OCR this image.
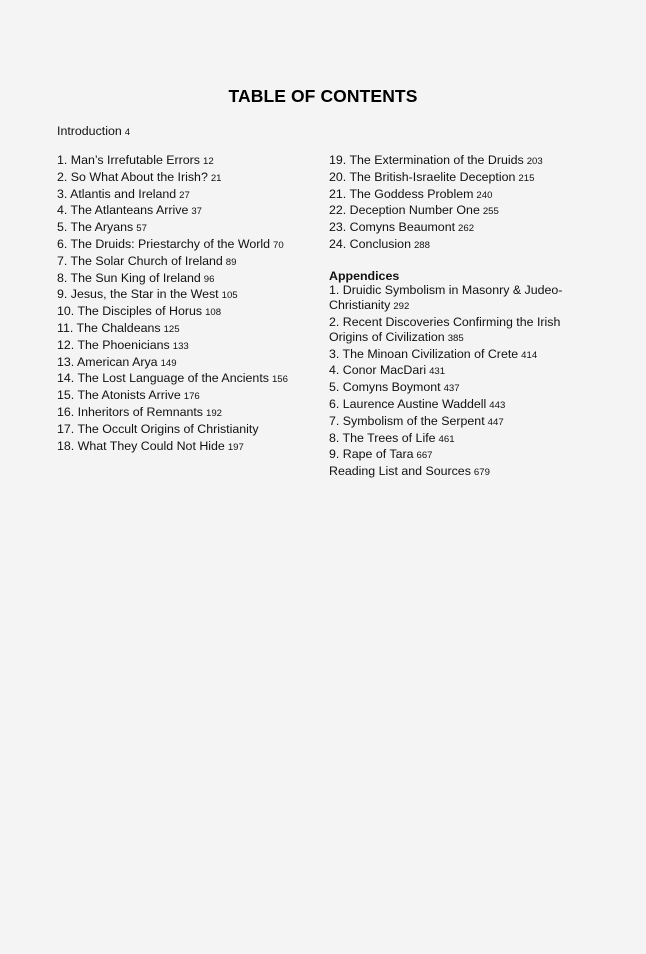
TABLE OF CONTENTS
Introduction 4
1. Man’s Irrefutable Errors 12
2. So What About the Irish? 21
3. Atlantis and Ireland 27
4. The Atlanteans Arrive 37
5. The Aryans 57
6. The Druids: Priestarchy of the World 70
7. The Solar Church of Ireland 89
8. The Sun King of Ireland 96
9. Jesus, the Star in the West 105
10. The Disciples of Horus 108
11. The Chaldeans 125
12. The Phoenicians 133
13. American Arya 149
14. The Lost Language of the Ancients 156
15. The Atonists Arrive 176
16. Inheritors of Remnants 192
17. The Occult Origins of Christianity
18. What They Could Not Hide 197
19. The Extermination of the Druids 203
20. The British-Israelite Deception 215
21. The Goddess Problem 240
22. Deception Number One 255
23. Comyns Beaumont 262
24. Conclusion 288
Appendices
1. Druidic Symbolism in Masonry & Judeo-Christianity 292
2. Recent Discoveries Confirming the Irish Origins of Civilization 385
3. The Minoan Civilization of Crete 414
4. Conor MacDari 431
5. Comyns Boymont 437
6. Laurence Austine Waddell 443
7. Symbolism of the Serpent 447
8. The Trees of Life 461
9. Rape of Tara 667
Reading List and Sources 679
